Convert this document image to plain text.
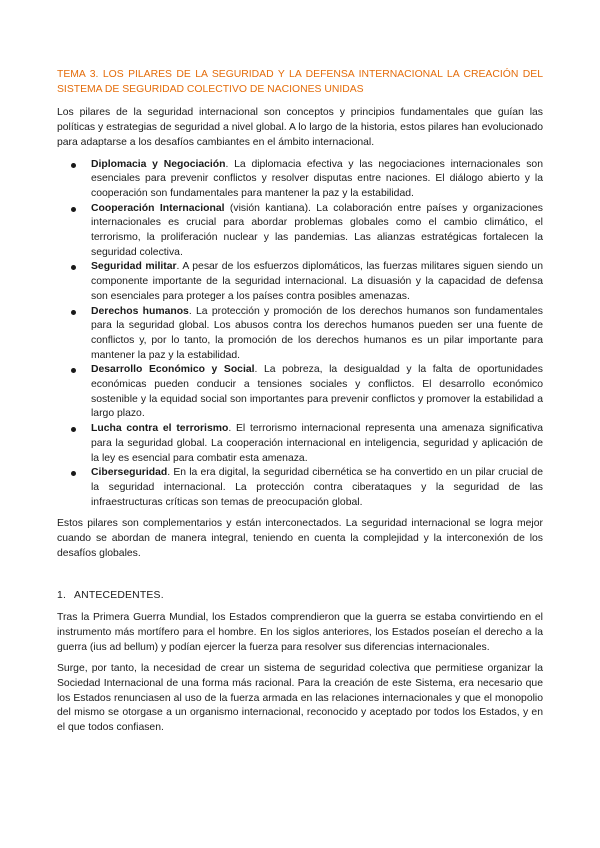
TEMA 3. LOS PILARES DE LA SEGURIDAD Y LA DEFENSA INTERNACIONAL LA CREACIÓN DEL SISTEMA DE SEGURIDAD COLECTIVO DE NACIONES UNIDAS

Los pilares de la seguridad internacional son conceptos y principios fundamentales que guían las políticas y estrategias de seguridad a nivel global. A lo largo de la historia, estos pilares han evolucionado para adaptarse a los desafíos cambiantes en el ámbito internacional.

Diplomacia y Negociación. La diplomacia efectiva y las negociaciones internacionales son esenciales para prevenir conflictos y resolver disputas entre naciones. El diálogo abierto y la cooperación son fundamentales para mantener la paz y la estabilidad.
Cooperación Internacional (visión kantiana). La colaboración entre países y organizaciones internacionales es crucial para abordar problemas globales como el cambio climático, el terrorismo, la proliferación nuclear y las pandemias. Las alianzas estratégicas fortalecen la seguridad colectiva.
Seguridad militar. A pesar de los esfuerzos diplomáticos, las fuerzas militares siguen siendo un componente importante de la seguridad internacional. La disuasión y la capacidad de defensa son esenciales para proteger a los países contra posibles amenazas.
Derechos humanos. La protección y promoción de los derechos humanos son fundamentales para la seguridad global. Los abusos contra los derechos humanos pueden ser una fuente de conflictos y, por lo tanto, la promoción de los derechos humanos es un pilar importante para mantener la paz y la estabilidad.
Desarrollo Económico y Social. La pobreza, la desigualdad y la falta de oportunidades económicas pueden conducir a tensiones sociales y conflictos. El desarrollo económico sostenible y la equidad social son importantes para prevenir conflictos y promover la estabilidad a largo plazo.
Lucha contra el terrorismo. El terrorismo internacional representa una amenaza significativa para la seguridad global. La cooperación internacional en inteligencia, seguridad y aplicación de la ley es esencial para combatir esta amenaza.
Ciberseguridad. En la era digital, la seguridad cibernética se ha convertido en un pilar crucial de la seguridad internacional. La protección contra ciberataques y la seguridad de las infraestructuras críticas son temas de preocupación global.

Estos pilares son complementarios y están interconectados. La seguridad internacional se logra mejor cuando se abordan de manera integral, teniendo en cuenta la complejidad y la interconexión de los desafíos globales.

1. ANTECEDENTES.

Tras la Primera Guerra Mundial, los Estados comprendieron que la guerra se estaba convirtiendo en el instrumento más mortífero para el hombre. En los siglos anteriores, los Estados poseían el derecho a la guerra (ius ad bellum) y podían ejercer la fuerza para resolver sus diferencias internacionales.

Surge, por tanto, la necesidad de crear un sistema de seguridad colectiva que permitiese organizar la Sociedad Internacional de una forma más racional. Para la creación de este Sistema, era necesario que los Estados renunciasen al uso de la fuerza armada en las relaciones internacionales y que el monopolio del mismo se otorgase a un organismo internacional, reconocido y aceptado por todos los Estados, y en el que todos confiasen.
